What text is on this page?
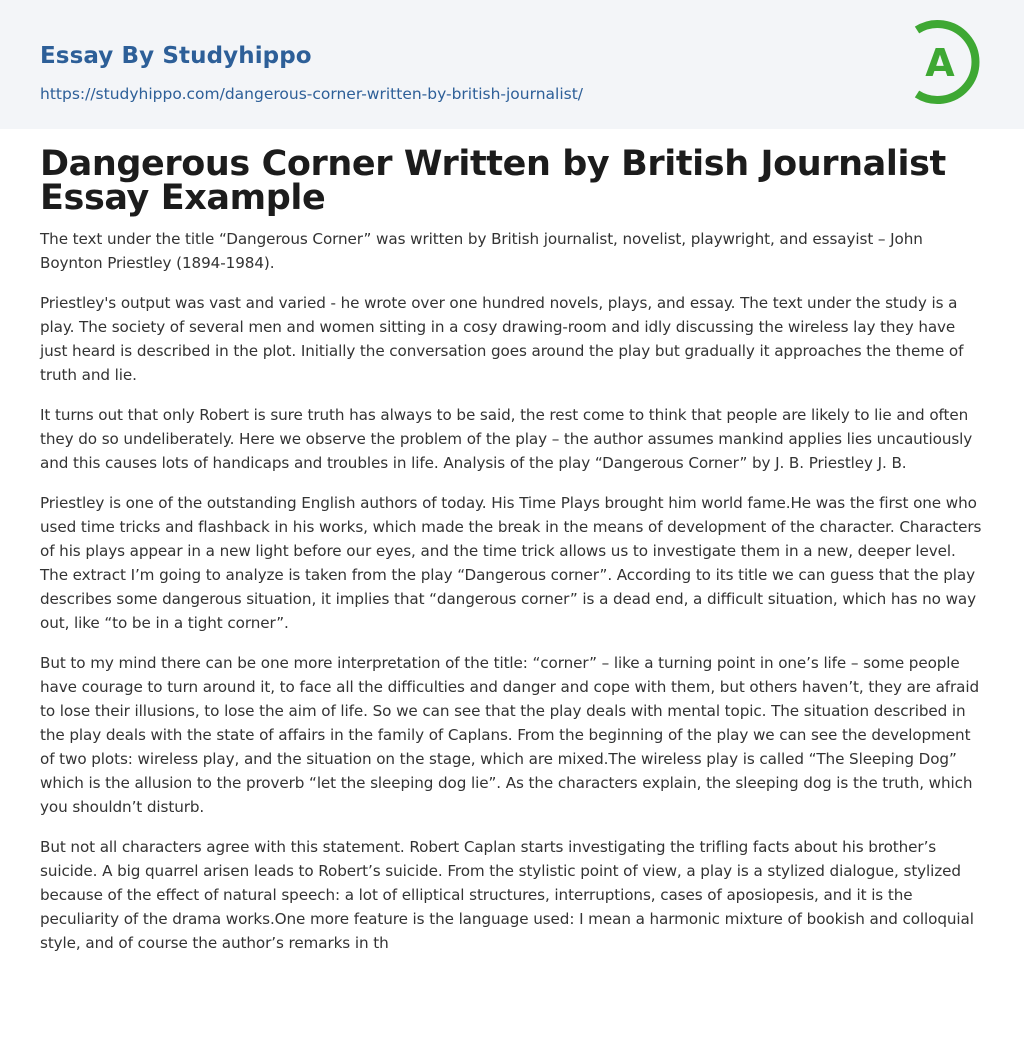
Essay By Studyhippo

https://studyhippo.com/dangerous-corner-written-by-british-journalist/
A
Dangerous Corner Written by British Journalist Essay Example

The text under the title “Dangerous Corner” was written by British journalist, novelist, playwright, and essayist – John Boynton Priestley (1894-1984).

Priestley's output was vast and varied - he wrote over one hundred novels, plays, and essay. The text under the study is a play. The society of several men and women sitting in a cosy drawing-room and idly discussing the wireless lay they have just heard is described in the plot. Initially the conversation goes around the play but gradually it approaches the theme of truth and lie.

It turns out that only Robert is sure truth has always to be said, the rest come to think that people are likely to lie and often they do so undeliberately. Here we observe the problem of the play – the author assumes mankind applies lies uncautiously and this causes lots of handicaps and troubles in life. Analysis of the play “Dangerous Corner” by J. B. Priestley J. B.

Priestley is one of the outstanding English authors of today. His Time Plays brought him world fame.He was the first one who used time tricks and flashback in his works, which made the break in the means of development of the character. Characters of his plays appear in a new light before our eyes, and the time trick allows us to investigate them in a new, deeper level. The extract I’m going to analyze is taken from the play “Dangerous corner”. According to its title we can guess that the play describes some dangerous situation, it implies that “dangerous corner” is a dead end, a difficult situation, which has no way out, like “to be in a tight corner”.

But to my mind there can be one more interpretation of the title: “corner” – like a turning point in one’s life – some people have courage to turn around it, to face all the difficulties and danger and cope with them, but others haven’t, they are afraid to lose their illusions, to lose the aim of life. So we can see that the play deals with mental topic. The situation described in the play deals with the state of affairs in the family of Caplans. From the beginning of the play we can see the development of two plots: wireless play, and the situation on the stage, which are mixed.The wireless play is called “The Sleeping Dog” which is the allusion to the proverb “let the sleeping dog lie”. As the characters explain, the sleeping dog is the truth, which you shouldn’t disturb.

But not all characters agree with this statement. Robert Caplan starts investigating the trifling facts about his brother’s suicide. A big quarrel arisen leads to Robert’s suicide. From the stylistic point of view, a play is a stylized dialogue, stylized because of the effect of natural speech: a lot of elliptical structures, interruptions, cases of aposiopesis, and it is the peculiarity of the drama works.One more feature is the language used: I mean a harmonic mixture of bookish and colloquial style, and of course the author’s remarks in th
